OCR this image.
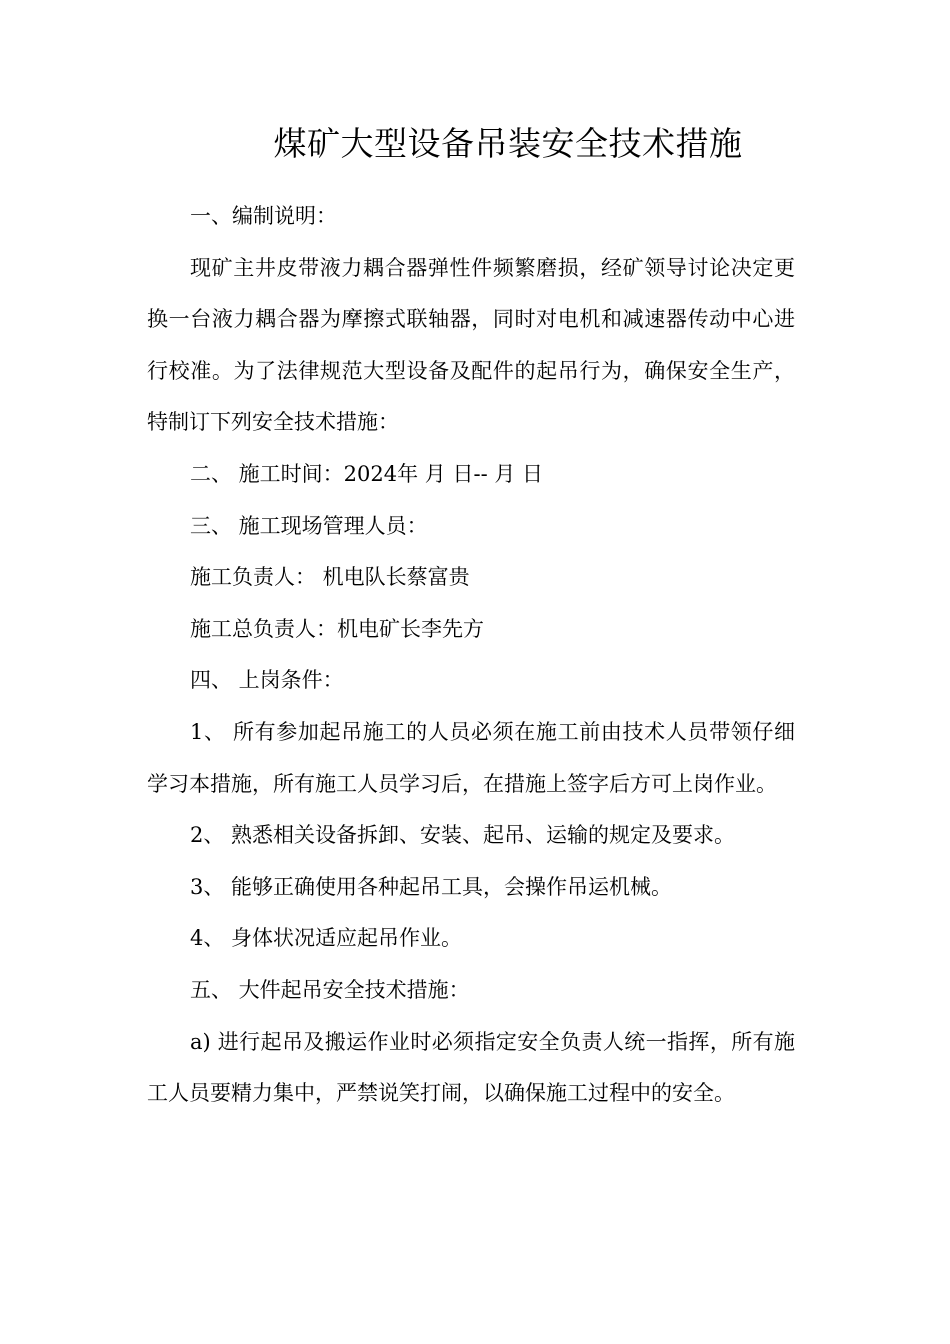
煤矿大型设备吊装安全技术措施

一、编制说明：

现矿主井皮带液力耦合器弹性件频繁磨损，经矿领导讨论决定更换一台液力耦合器为摩擦式联轴器，同时对电机和减速器传动中心进行校准。为了法律规范大型设备及配件的起吊行为，确保安全生产，特制订下列安全技术措施：

二、 施工时间：2024年 月 日-- 月 日

三、 施工现场管理人员：

施工负责人： 机电队长蔡富贵

施工总负责人：机电矿长李先方

四、 上岗条件：

1、 所有参加起吊施工的人员必须在施工前由技术人员带领仔细学习本措施，所有施工人员学习后，在措施上签字后方可上岗作业。

2、 熟悉相关设备拆卸、安装、起吊、运输的规定及要求。

3、 能够正确使用各种起吊工具，会操作吊运机械。

4、 身体状况适应起吊作业。

五、 大件起吊安全技术措施：

a) 进行起吊及搬运作业时必须指定安全负责人统一指挥，所有施工人员要精力集中，严禁说笑打闹，以确保施工过程中的安全。
